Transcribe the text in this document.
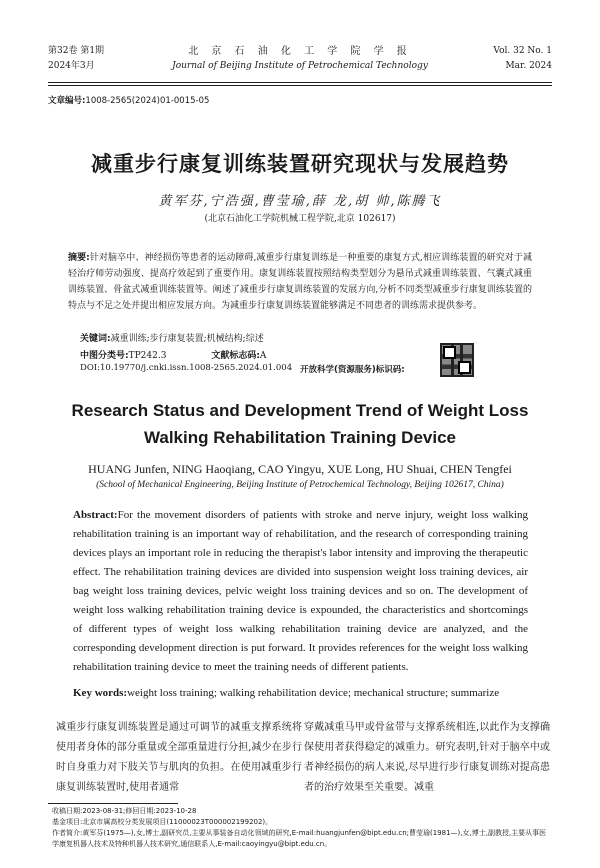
第32卷 第1期
2024年3月
北 京 石 油 化 工 学 院 学 报
Journal of Beijing Institute of Petrochemical Technology
Vol. 32 No. 1
Mar. 2024
文章编号:1008-2565(2024)01-0015-05
减重步行康复训练装置研究现状与发展趋势
黄军芬,宁浩强,曹莹瑜,薛 龙,胡 帅,陈腾飞
(北京石油化工学院机械工程学院,北京 102617)
摘要:针对脑卒中、神经损伤等患者的运动障碍,减重步行康复训练是一种重要的康复方式,相应训练装置的研究对于减轻治疗师劳动强度、提高疗效起到了重要作用。康复训练装置按照结构类型划分为悬吊式减重训练装置、气囊式减重训练装置、骨盆式减重训练装置等。阐述了减重步行康复训练装置的发展方向,分析不同类型减重步行康复训练装置的特点与不足之处并提出相应发展方向。为减重步行康复训练装置能够满足不同患者的训练需求提供参考。
关键词:减重训练;步行康复装置;机械结构;综述
中图分类号:TP242.3	文献标志码:A
DOI:10.19770/j.cnki.issn.1008-2565.2024.01.004 开放科学(资源服务)标识码:
Research Status and Development Trend of Weight Loss
Walking Rehabilitation Training Device
HUANG Junfen, NING Haoqiang, CAO Yingyu, XUE Long, HU Shuai, CHEN Tengfei
(School of Mechanical Engineering, Beijing Institute of Petrochemical Technology, Beijing 102617, China)
Abstract:For the movement disorders of patients with stroke and nerve injury, weight loss walking rehabilitation training is an important way of rehabilitation, and the research of corresponding training devices plays an important role in reducing the therapist's labor intensity and improving the therapeutic effect. The rehabilitation training devices are divided into suspension weight loss training devices, air bag weight loss training devices, pelvic weight loss training devices and so on. The development of weight loss walking rehabilitation training device is expounded, the characteristics and shortcomings of different types of weight loss walking rehabilitation training device are analyzed, and the corresponding development direction is put forward. It provides references for the weight loss walking rehabilitation training device to meet the training needs of different patients.
Key words:weight loss training; walking rehabilitation device; mechanical structure; summarize
减重步行康复训练装置是通过可调节的减重支撑系统将使用者身体的部分重量或全部重量进行分担,减少在步行时自身重力对下肢关节与肌肉的负担。在使用减重步行康复训练装置时,使用者通常
穿戴减重马甲或骨盆带与支撑系统相连,以此作为支撑确保使用者获得稳定的减重力。研究表明,针对于脑卒中或者神经损伤的病人来说,尽早进行步行康复训练对提高患者的治疗效果至关重要。减重
收稿日期:2023-08-31;修回日期:2023-10-28
基金项目:北京市属高校分类发展项目(11000023T000002199202)。
作者简介:黄军芬(1975—),女,博士,副研究员,主要从事装备自动化领域的研究,E-mail:huangjunfen@bipt.edu.cn;曹莹瑜(1981—),女,博士,副教授,主要从事医学康复机器人技术及特种机器人技术研究,通信联系人,E-mail:caoyingyu@bipt.edu.cn。
